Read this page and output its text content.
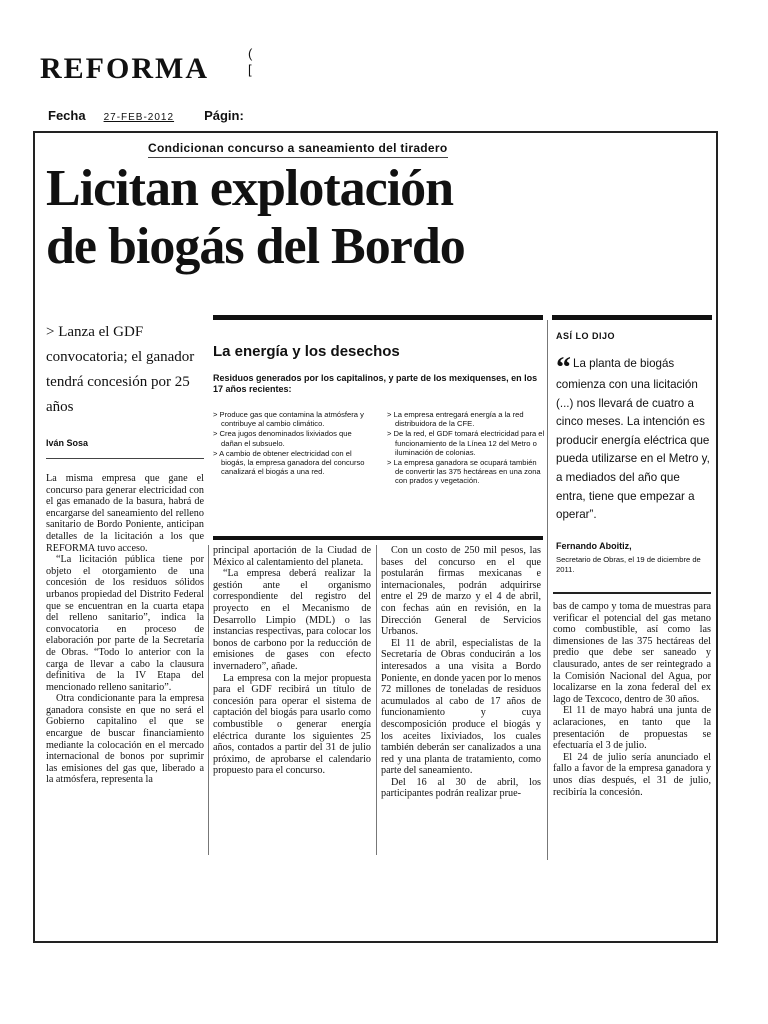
REFORMA	(
[
Fecha 27-FEB-2012 Págin:
Condicionan concurso a saneamiento del tiradero
Licitan explotación
de biogás del Bordo
> Lanza el GDF convocatoria; el ganador tendrá concesión por 25 años
Iván Sosa
La energía y los desechos
Residuos generados por los capitalinos, y parte de los mexiquenses, en los 17 años recientes:
> Produce gas que contamina la atmósfera y contribuye al cambio climático.
> Crea jugos denominados lixiviados que dañan el subsuelo.
> A cambio de obtener electricidad con el biogás, la empresa ganadora del concurso canalizará el biogás a una red.
> La empresa entregará energía a la red distribuidora de la CFE.
> De la red, el GDF tomará electricidad para el funcionamiento de la Línea 12 del Metro o iluminación de colonias.
> La empresa ganadora se ocupará también de convertir las 375 hectáreas en una zona con prados y vegetación.
ASÍ LO DIJO
“ La planta de biogás comienza con una licitación (...) nos llevará de cuatro a cinco meses. La intención es producir energía eléctrica que pueda utilizarse en el Metro y, a mediados del año que entra, tiene que empezar a operar”.
Fernando Aboitiz,
Secretario de Obras, el 19 de diciembre de 2011.

La misma empresa que gane el concurso para generar electricidad con el gas emanado de la basura, habrá de encargarse del saneamiento del relleno sanitario de Bordo Poniente, anticipan detalles de la licitación a los que REFORMA tuvo acceso.

“La licitación pública tiene por objeto el otorgamiento de una concesión de los residuos sólidos urbanos propiedad del Distrito Federal que se encuentran en la cuarta etapa del relleno sanitario”, indica la convocatoria en proceso de elaboración por parte de la Secretaría de Obras. “Todo lo anterior con la carga de llevar a cabo la clausura definitiva de la IV Etapa del mencionado relleno sanitario”.

Otra condicionante para la empresa ganadora consiste en que no será el Gobierno capitalino el que se encargue de buscar financiamiento mediante la colocación en el mercado internacional de bonos por suprimir las emisiones del gas que, liberado a la atmósfera, representa la

principal aportación de la Ciudad de México al calentamiento del planeta.

“La empresa deberá realizar la gestión ante el organismo correspondiente del registro del proyecto en el Mecanismo de Desarrollo Limpio (MDL) o las instancias respectivas, para colocar los bonos de carbono por la reducción de emisiones de gases con efecto invernadero”, añade.

La empresa con la mejor propuesta para el GDF recibirá un título de concesión para operar el sistema de captación del biogás para usarlo como combustible o generar energía eléctrica durante los siguientes 25 años, contados a partir del 31 de julio próximo, de aprobarse el calendario propuesto para el concurso.

Con un costo de 250 mil pesos, las bases del concurso en el que postularán firmas mexicanas e internacionales, podrán adquirirse entre el 29 de marzo y el 4 de abril, con fechas aún en revisión, en la Dirección General de Servicios Urbanos.

El 11 de abril, especialistas de la Secretaría de Obras conducirán a los interesados a una visita a Bordo Poniente, en donde yacen por lo menos 72 millones de toneladas de residuos acumulados al cabo de 17 años de funcionamiento y cuya descomposición produce el biogás y los aceites lixiviados, los cuales también deberán ser canalizados a una red y una planta de tratamiento, como parte del saneamiento.

Del 16 al 30 de abril, los participantes podrán realizar prue-

bas de campo y toma de muestras para verificar el potencial del gas metano como combustible, así como las dimensiones de las 375 hectáreas del predio que debe ser saneado y clausurado, antes de ser reintegrado a la Comisión Nacional del Agua, por localizarse en la zona federal del ex lago de Texcoco, dentro de 30 años.

El 11 de mayo habrá una junta de aclaraciones, en tanto que la presentación de propuestas se efectuaría el 3 de julio.

El 24 de julio sería anunciado el fallo a favor de la empresa ganadora y unos días después, el 31 de julio, recibiría la concesión.
